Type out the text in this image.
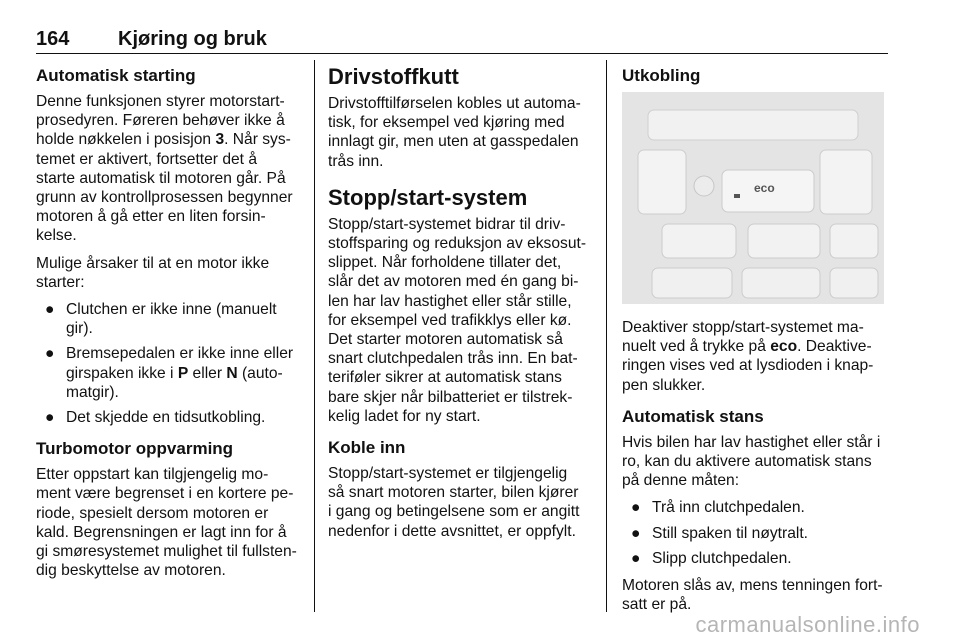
164 Kjøring og bruk
Automatisk starting

Denne funksjonen styrer motorstart-
prosedyren. Føreren behøver ikke å
holde nøkkelen i posisjon 3. Når sys-
temet er aktivert, fortsetter det å
starte automatisk til motoren går. På
grunn av kontrollprosessen begynner
motoren å gå etter en liten forsin-
kelse.

Mulige årsaker til at en motor ikke
starter:

● Clutchen er ikke inne (manuelt
gir).
● Bremsepedalen er ikke inne eller
girspaken ikke i P eller N (auto-
matgir).
● Det skjedde en tidsutkobling.
Turbomotor oppvarming

Etter oppstart kan tilgjengelig mo-
ment være begrenset i en kortere pe-
riode, spesielt dersom motoren er
kald. Begrensningen er lagt inn for å
gi smøresystemet mulighet til fullsten-
dig beskyttelse av motoren.

Drivstoffkutt

Drivstofftilførselen kobles ut automa-
tisk, for eksempel ved kjøring med
innlagt gir, men uten at gasspedalen
trås inn.

Stopp/start-system

Stopp/start-systemet bidrar til driv-
stoffsparing og reduksjon av eksosut-
slippet. Når forholdene tillater det,
slår det av motoren med én gang bi-
len har lav hastighet eller står stille,
for eksempel ved trafikklys eller kø.
Det starter motoren automatisk så
snart clutchpedalen trås inn. En bat-
teriføler sikrer at automatisk stans
bare skjer når bilbatteriet er tilstrek-
kelig ladet for ny start.

Koble inn

Stopp/start-systemet er tilgjengelig
så snart motoren starter, bilen kjører
i gang og betingelsene som er angitt
nedenfor i dette avsnittet, er oppfylt.

Utkobling
eco

Deaktiver stopp/start-systemet ma-
nuelt ved å trykke på eco. Deaktive-
ringen vises ved at lysdioden i knap-
pen slukker.

Automatisk stans

Hvis bilen har lav hastighet eller står i
ro, kan du aktivere automatisk stans
på denne måten:

● Trå inn clutchpedalen.
● Still spaken til nøytralt.
● Slipp clutchpedalen.

Motoren slås av, mens tenningen fort-
satt er på.

carmanualsonline.info
